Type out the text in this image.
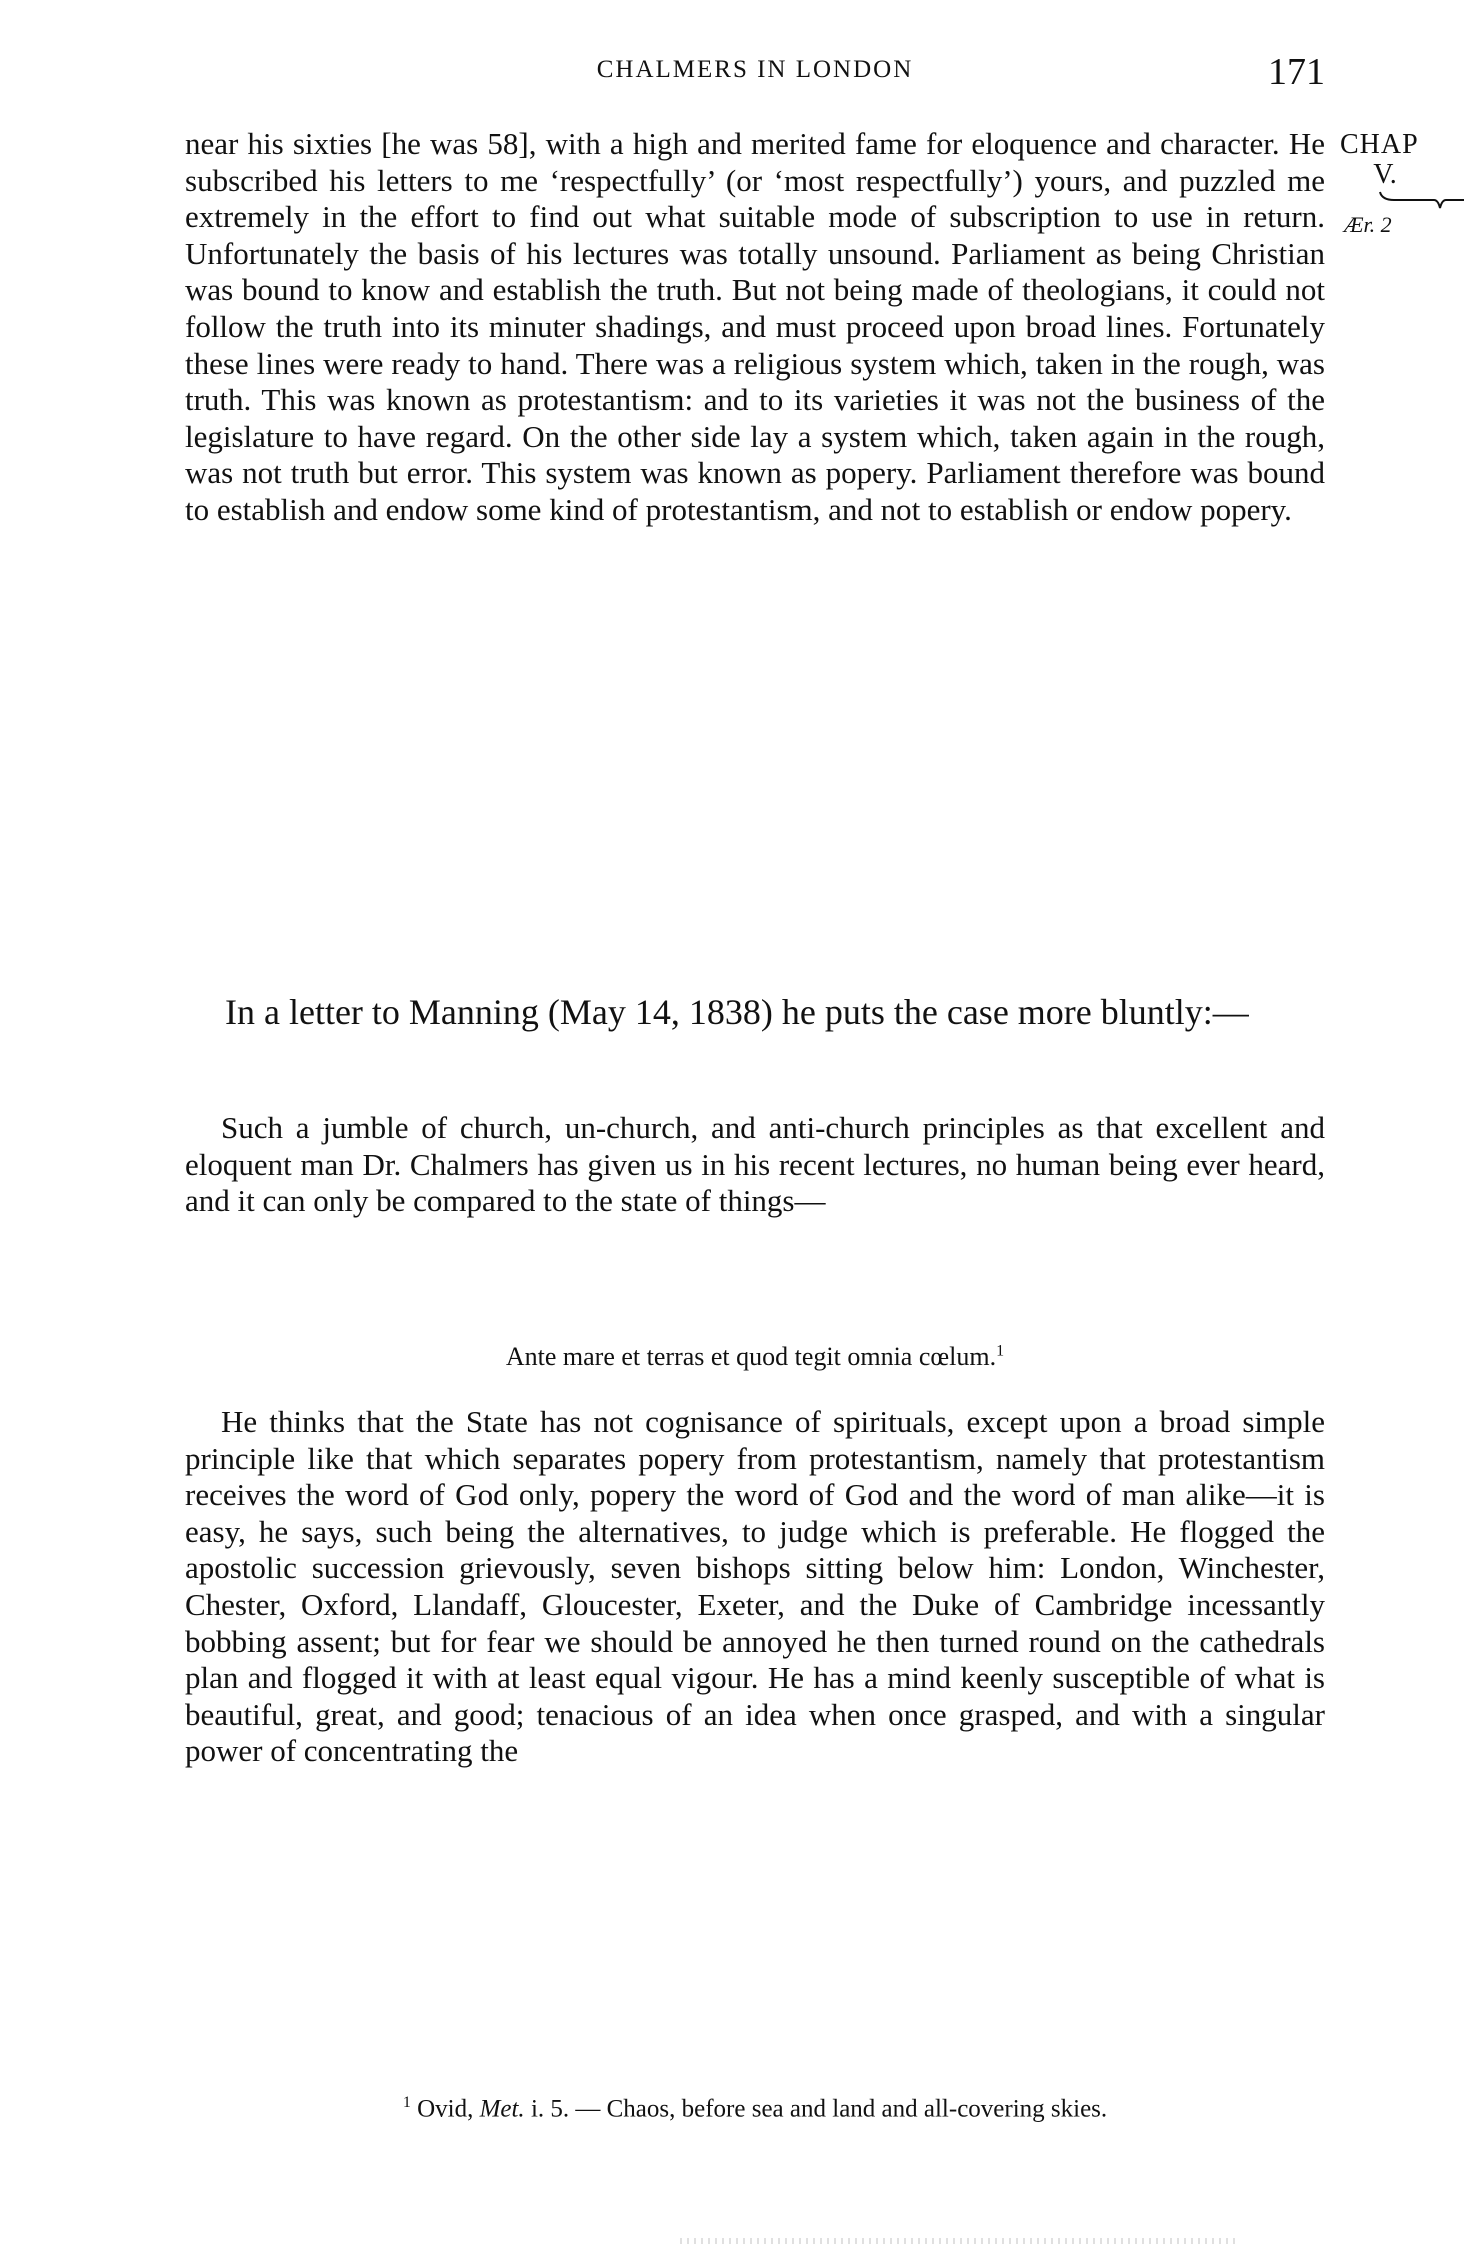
CHALMERS IN LONDON	171
CHAP
V.
Ær. 2

near his sixties [he was 58], with a high and merited fame for eloquence and character. He subscribed his letters to me ‘respectfully’ (or ‘most respectfully’) yours, and puzzled me extremely in the effort to find out what suitable mode of subscription to use in return. Unfortunately the basis of his lectures was totally unsound. Parliament as being Christian was bound to know and establish the truth. But not being made of theologians, it could not follow the truth into its minuter shadings, and must proceed upon broad lines. Fortunately these lines were ready to hand. There was a religious system which, taken in the rough, was truth. This was known as protestantism: and to its varieties it was not the business of the legislature to have regard. On the other side lay a system which, taken again in the rough, was not truth but error. This system was known as popery. Parliament therefore was bound to establish and endow some kind of protestantism, and not to establish or endow popery.

In a letter to Manning (May 14, 1838) he puts the case more bluntly:—

Such a jumble of church, un-church, and anti-church principles as that excellent and eloquent man Dr. Chalmers has given us in his recent lectures, no human being ever heard, and it can only be compared to the state of things—

Ante mare et terras et quod tegit omnia cœlum.$^1$

He thinks that the State has not cognisance of spirituals, except upon a broad simple principle like that which separates popery from protestantism, namely that protestantism receives the word of God only, popery the word of God and the word of man alike—it is easy, he says, such being the alternatives, to judge which is preferable. He flogged the apostolic succession grievously, seven bishops sitting below him: London, Winchester, Chester, Oxford, Llandaff, Gloucester, Exeter, and the Duke of Cambridge incessantly bobbing assent; but for fear we should be annoyed he then turned round on the cathedrals plan and flogged it with at least equal vigour. He has a mind keenly susceptible of what is beautiful, great, and good; tenacious of an idea when once grasped, and with a singular power of concentrating the

$^1$ Ovid, Met. i. 5. — Chaos, before sea and land and all-covering skies.
